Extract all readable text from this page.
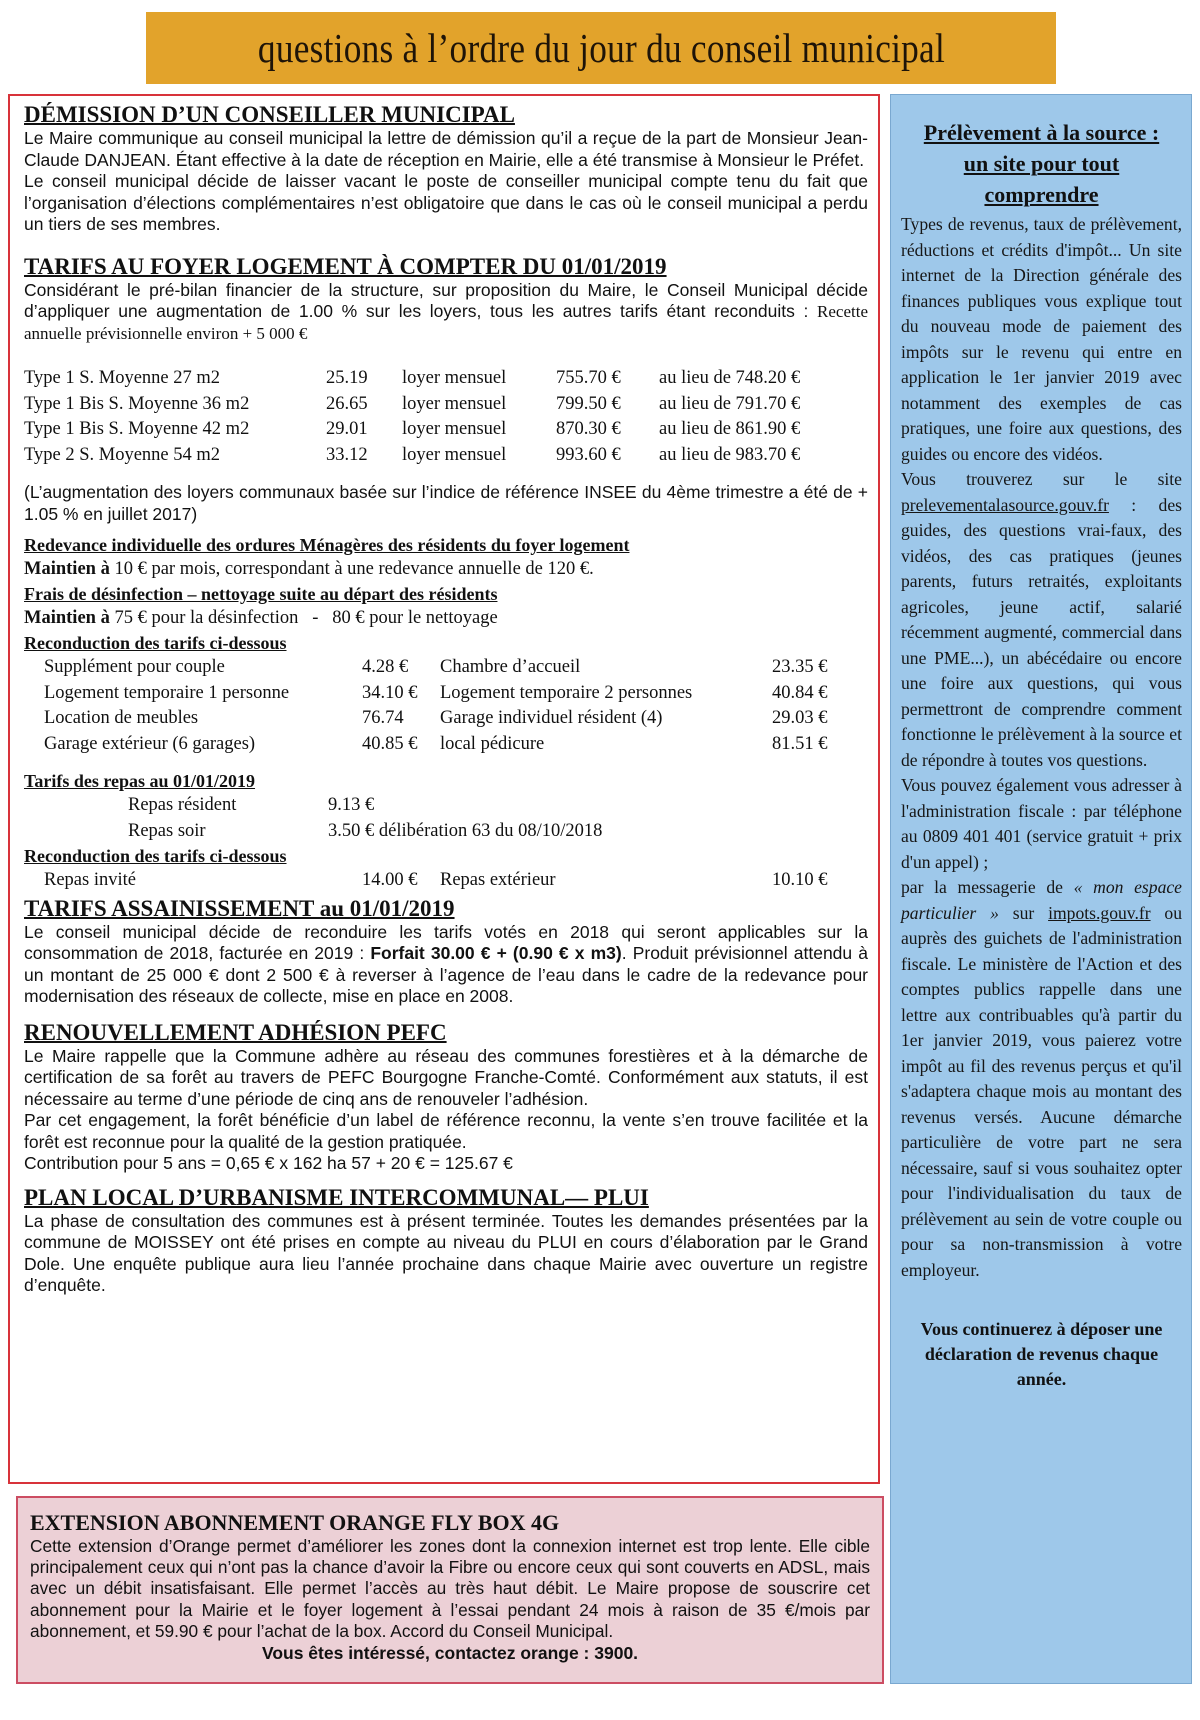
questions à l’ordre du jour du conseil municipal
DÉMISSION D’UN CONSEILLER MUNICIPAL

Le Maire communique au conseil municipal la lettre de démission qu’il a reçue de la part de Monsieur Jean-Claude DANJEAN. Étant effective à la date de réception en Mairie, elle a été transmise à Monsieur le Préfet.

Le conseil municipal décide de laisser vacant le poste de conseiller municipal compte tenu du fait que l’organisation d’élections complémentaires n’est obligatoire que dans le cas où le conseil municipal a perdu un tiers de ses membres.

TARIFS AU FOYER LOGEMENT À COMPTER DU 01/01/2019

Considérant le pré-bilan financier de la structure, sur proposition du Maire, le Conseil Municipal décide d’appliquer une augmentation de 1.00 % sur les loyers, tous les autres tarifs étant reconduits : Recette annuelle prévisionnelle environ + 5 000 €

Type 1 S. Moyenne 27 m2	25.19	loyer mensuel	755.70 €	au lieu de 748.20 €
Type 1 Bis S. Moyenne 36 m2	26.65	loyer mensuel	799.50 €	au lieu de 791.70 €
Type 1 Bis S. Moyenne 42 m2	29.01	loyer mensuel	870.30 €	au lieu de 861.90 €
Type 2 S. Moyenne 54 m2	33.12	loyer mensuel	993.60 €	au lieu de 983.70 €

(L’augmentation des loyers communaux basée sur l’indice de référence INSEE du 4ème trimestre a été de + 1.05 % en juillet 2017)

Redevance individuelle des ordures Ménagères des résidents du foyer logement

Maintien à 10 € par mois, correspondant à une redevance annuelle de 120 €.

Frais de désinfection – nettoyage suite au départ des résidents

Maintien à 75 € pour la désinfection   -   80 € pour le nettoyage

Reconduction des tarifs ci-dessous
Supplément pour couple	4.28 €	Chambre d’accueil	23.35 €
Logement temporaire 1 personne	34.10 €	Logement temporaire 2 personnes	40.84 €
Location de meubles	76.74	Garage individuel résident (4)	29.03 €
Garage extérieur (6 garages)	40.85 €	local pédicure	81.51 €
Tarifs des repas au 01/01/2019
Repas résident	9.13 €
Repas soir	3.50 € délibération 63 du 08/10/2018
Reconduction des tarifs ci-dessous
Repas invité	14.00 €	Repas extérieur	10.10 €
TARIFS ASSAINISSEMENT au 01/01/2019

Le conseil municipal décide de reconduire les tarifs votés en 2018 qui seront applicables sur la consommation de 2018, facturée en 2019 : Forfait 30.00 € + (0.90 € x m3). Produit prévisionnel attendu à un montant de 25 000 € dont 2 500 € à reverser à l’agence de l’eau dans le cadre de la redevance pour modernisation des réseaux de collecte, mise en place en 2008.

RENOUVELLEMENT ADHÉSION PEFC

Le Maire rappelle que la Commune adhère au réseau des communes forestières et à la démarche de certification de sa forêt au travers de PEFC Bourgogne Franche-Comté. Conformément aux statuts, il est nécessaire au terme d’une période de cinq ans de renouveler l’adhésion.

Par cet engagement, la forêt bénéficie d’un label de référence reconnu, la vente s’en trouve facilitée et la forêt est reconnue pour la qualité de la gestion pratiquée.

Contribution pour 5 ans = 0,65 € x 162 ha 57 + 20 € = 125.67 €

PLAN LOCAL D’URBANISME INTERCOMMUNAL— PLUI

La phase de consultation des communes est à présent terminée. Toutes les demandes présentées par la commune de MOISSEY ont été prises en compte au niveau du PLUI en cours d’élaboration par le Grand Dole. Une enquête publique aura lieu l’année prochaine dans chaque Mairie avec ouverture un registre d’enquête.

EXTENSION ABONNEMENT ORANGE FLY BOX 4G

Cette extension d’Orange permet d’améliorer les zones dont la connexion internet est trop lente. Elle cible principalement ceux qui n’ont pas la chance d’avoir la Fibre ou encore ceux qui sont couverts en ADSL, mais avec un débit insatisfaisant. Elle permet l’accès au très haut débit. Le Maire propose de souscrire cet abonnement pour la Mairie et le foyer logement à l’essai pendant 24 mois à raison de 35 €/mois par abonnement, et 59.90 € pour l’achat de la box. Accord du Conseil Municipal.

Vous êtes intéressé, contactez orange : 3900.

Prélèvement à la source :
un site pour tout
comprendre

Types de revenus, taux de prélèvement, réductions et crédits d'impôt... Un site internet de la Direction générale des finances publiques vous explique tout du nouveau mode de paiement des impôts sur le revenu qui entre en application le 1er janvier 2019 avec notamment des exemples de cas pratiques, une foire aux questions, des guides ou encore des vidéos.

Vous trouverez sur le site prelevementalasource.gouv.fr : des guides, des questions vrai-faux, des vidéos, des cas pratiques (jeunes parents, futurs retraités, exploitants agricoles, jeune actif, salarié récemment augmenté, commercial dans une PME...), un abécédaire ou encore une foire aux questions, qui vous permettront de comprendre comment fonctionne le prélèvement à la source et de répondre à toutes vos questions.

Vous pouvez également vous adresser à l'administration fiscale : par téléphone au 0809 401 401 (service gratuit + prix d'un appel) ;

par la messagerie de « mon espace particulier » sur impots.gouv.fr ou auprès des guichets de l'administration fiscale. Le ministère de l'Action et des comptes publics rappelle dans une lettre aux contribuables qu'à partir du 1er janvier 2019, vous paierez votre impôt au fil des revenus perçus et qu'il s'adaptera chaque mois au montant des revenus versés. Aucune démarche particulière de votre part ne sera nécessaire, sauf si vous souhaitez opter pour l'individualisation du taux de prélèvement au sein de votre couple ou pour sa non-transmission à votre employeur.

Vous continuerez à déposer une déclaration de revenus chaque année.
